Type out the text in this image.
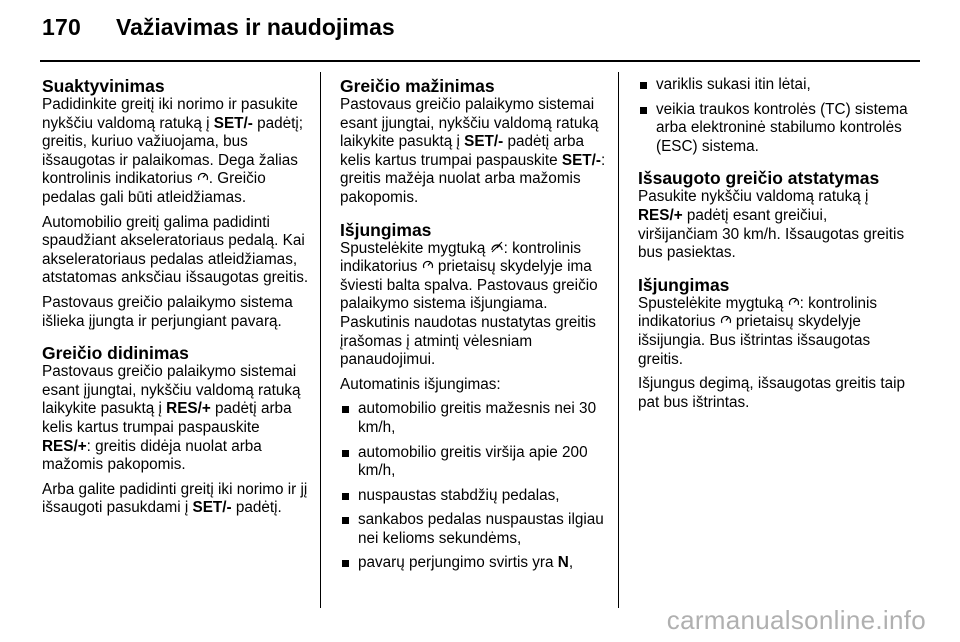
170 Važiavimas ir naudojimas
Suaktyvinimas

Padidinkite greitį iki norimo ir pasukite nykščiu valdomą ratuką į SET/- padėtį; greitis, kuriuo važiuojama, bus išsaugotas ir palaikomas. Dega žalias kontrolinis indikatorius . Greičio pedalas gali būti atleidžiamas.

Automobilio greitį galima padidinti spaudžiant akseleratoriaus pedalą. Kai akseleratoriaus pedalas atleidžiamas, atstatomas anksčiau išsaugotas greitis.

Pastovaus greičio palaikymo sistema išlieka įjungta ir perjungiant pavarą.

Greičio didinimas

Pastovaus greičio palaikymo sistemai esant įjungtai, nykščiu valdomą ratuką laikykite pasuktą į RES/+ padėtį arba kelis kartus trumpai paspauskite RES/+: greitis didėja nuolat arba mažomis pakopomis.

Arba galite padidinti greitį iki norimo ir jį išsaugoti pasukdami į SET/- padėtį.

Greičio mažinimas

Pastovaus greičio palaikymo sistemai esant įjungtai, nykščiu valdomą ratuką laikykite pasuktą į SET/- padėtį arba kelis kartus trumpai paspauskite SET/-: greitis mažėja nuolat arba mažomis pakopomis.

Išjungimas

Spustelėkite mygtuką : kontrolinis indikatorius  prietaisų skydelyje ima šviesti balta spalva. Pastovaus greičio palaikymo sistema išjungiama. Paskutinis naudotas nustatytas greitis įrašomas į atmintį vėlesniam panaudojimui.

Automatinis išjungimas:

automobilio greitis mažesnis nei 30 km/h,
automobilio greitis viršija apie 200 km/h,
nuspaustas stabdžių pedalas,
sankabos pedalas nuspaustas ilgiau nei kelioms sekundėms,
pavarų perjungimo svirtis yra N,
variklis sukasi itin lėtai,
veikia traukos kontrolės (TC) sistema arba elektroninė stabilumo kontrolės (ESC) sistema.
Išsaugoto greičio atstatymas

Pasukite nykščiu valdomą ratuką į RES/+ padėtį esant greičiui, viršijančiam 30 km/h. Išsaugotas greitis bus pasiektas.

Išjungimas

Spustelėkite mygtuką : kontrolinis indikatorius  prietaisų skydelyje išsijungia. Bus ištrintas išsaugotas greitis.

Išjungus degimą, išsaugotas greitis taip pat bus ištrintas.

carmanualsonline.info
